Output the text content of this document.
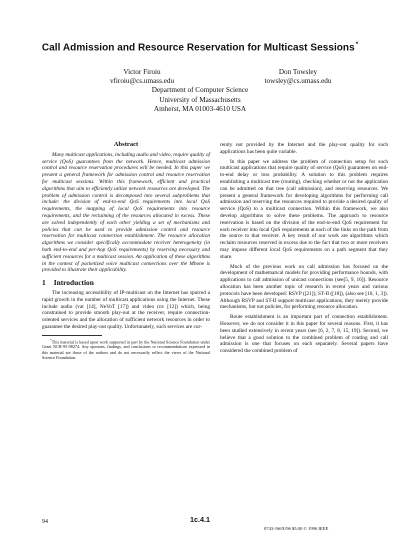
Call Admission and Resource Reservation for Multicast Sessions*
Victor Firoiu
vfiroiu@cs.umass.edu
Don Towsley
towsley@cs.umass.edu
Department of Computer Science
University of Massachusetts
Amherst, MA 01003-4610 USA
Abstract

Many multicast applications, including audio and video, require quality of service (QoS) guarantees from the network. Hence, multicast admission control and resource reservation procedures will be needed. In this paper we present a general framework for admission control and resource reservation for multicast sessions. Within this framework, efficient and practical algorithms that aim to efficiently utilize network resources are developed. The problem of admission control is decomposed into several subproblems that include: the division of end-to-end QoS requirements into local QoS requirements, the mapping of local QoS requirements into resource requirements, and the reclaiming of the resources allocated in excess. These are solved independently of each other yielding a set of mechanisms and policies that can be used to provide admission control and resource reservation for multicast connection establishment. The resource allocation algorithms we consider specifically accommodate receiver heterogeneity (in both end-to-end and per-hop QoS requirements) by reserving necessary and sufficient resources for a multicast session. An application of these algorithms in the context of packetized voice multicast connections over the Mbone is provided to illustrate their applicability.

1 Introduction

The increasing accessibility of IP-multicast on the Internet has spurred a rapid growth in the number of multicast applications using the Internet. These include audio (vat [14], NeVoT [17]) and video (nv [12]) which, being constrained to provide smooth play-out at the receiver, require connection-oriented services and the allocation of sufficient network resources in order to guarantee the desired play-out quality. Unfortunately, such services are cur-

*This material is based upon work supported in part by the National Science Foundation under Grant NCR-95-08274. Any opinions, findings, and conclusions or recommendations expressed in this material are those of the authors and do not necessarily reflect the views of the National Science Foundation.

rently not provided by the Internet and the play-out quality for such applications has been quite variable.

In this paper we address the problem of connection setup for such multicast applications that require quality of service (QoS) guarantees on end-to-end delay or loss probability. A solution to this problem requires establishing a multicast tree (routing), checking whether or not the application can be admitted on that tree (call admission), and reserving resources. We present a general framework for developing algorithms for performing call admission and reserving the resources required to provide a desired quality of service (QoS) to a multicast connection. Within this framework, we also develop algorithms to solve these problems. The approach to resource reservation is based on the division of the end-to-end QoS requirement for each receiver into local QoS requirements at each of the links on the path from the source to that receiver. A key result of our work are algorithms which reclaim resources reserved in excess due to the fact that two or more receivers may impose different local QoS requirements on a path segment that they share.

Much of the previous work on call admission has focused on the development of mathematical models for providing performance bounds, with applications to call admission of unicast connections (see[5, 9, 16]). Resource allocation has been another topic of research in recent years and various protocols have been developed: RSVP ([21]), ST-II ([18]), (also see [10, 1, 3]). Although RSVP and ST-II support multicast applications, they merely provide mechanisms, but not policies, for performing resource allocation.

Route establishment is an important part of connection establishment. However, we do not consider it in this paper for several reasons. First, it has been studied extensively in recent years (see [6, 2, 7, 8, 15, 19]). Second, we believe that a good solution to the combined problem of routing and call admission is one that focuses on each separately. Several papers have considered the combined problem of

94	1c.4.1
0743-166X/96 $5.00 © 1996 IEEE
